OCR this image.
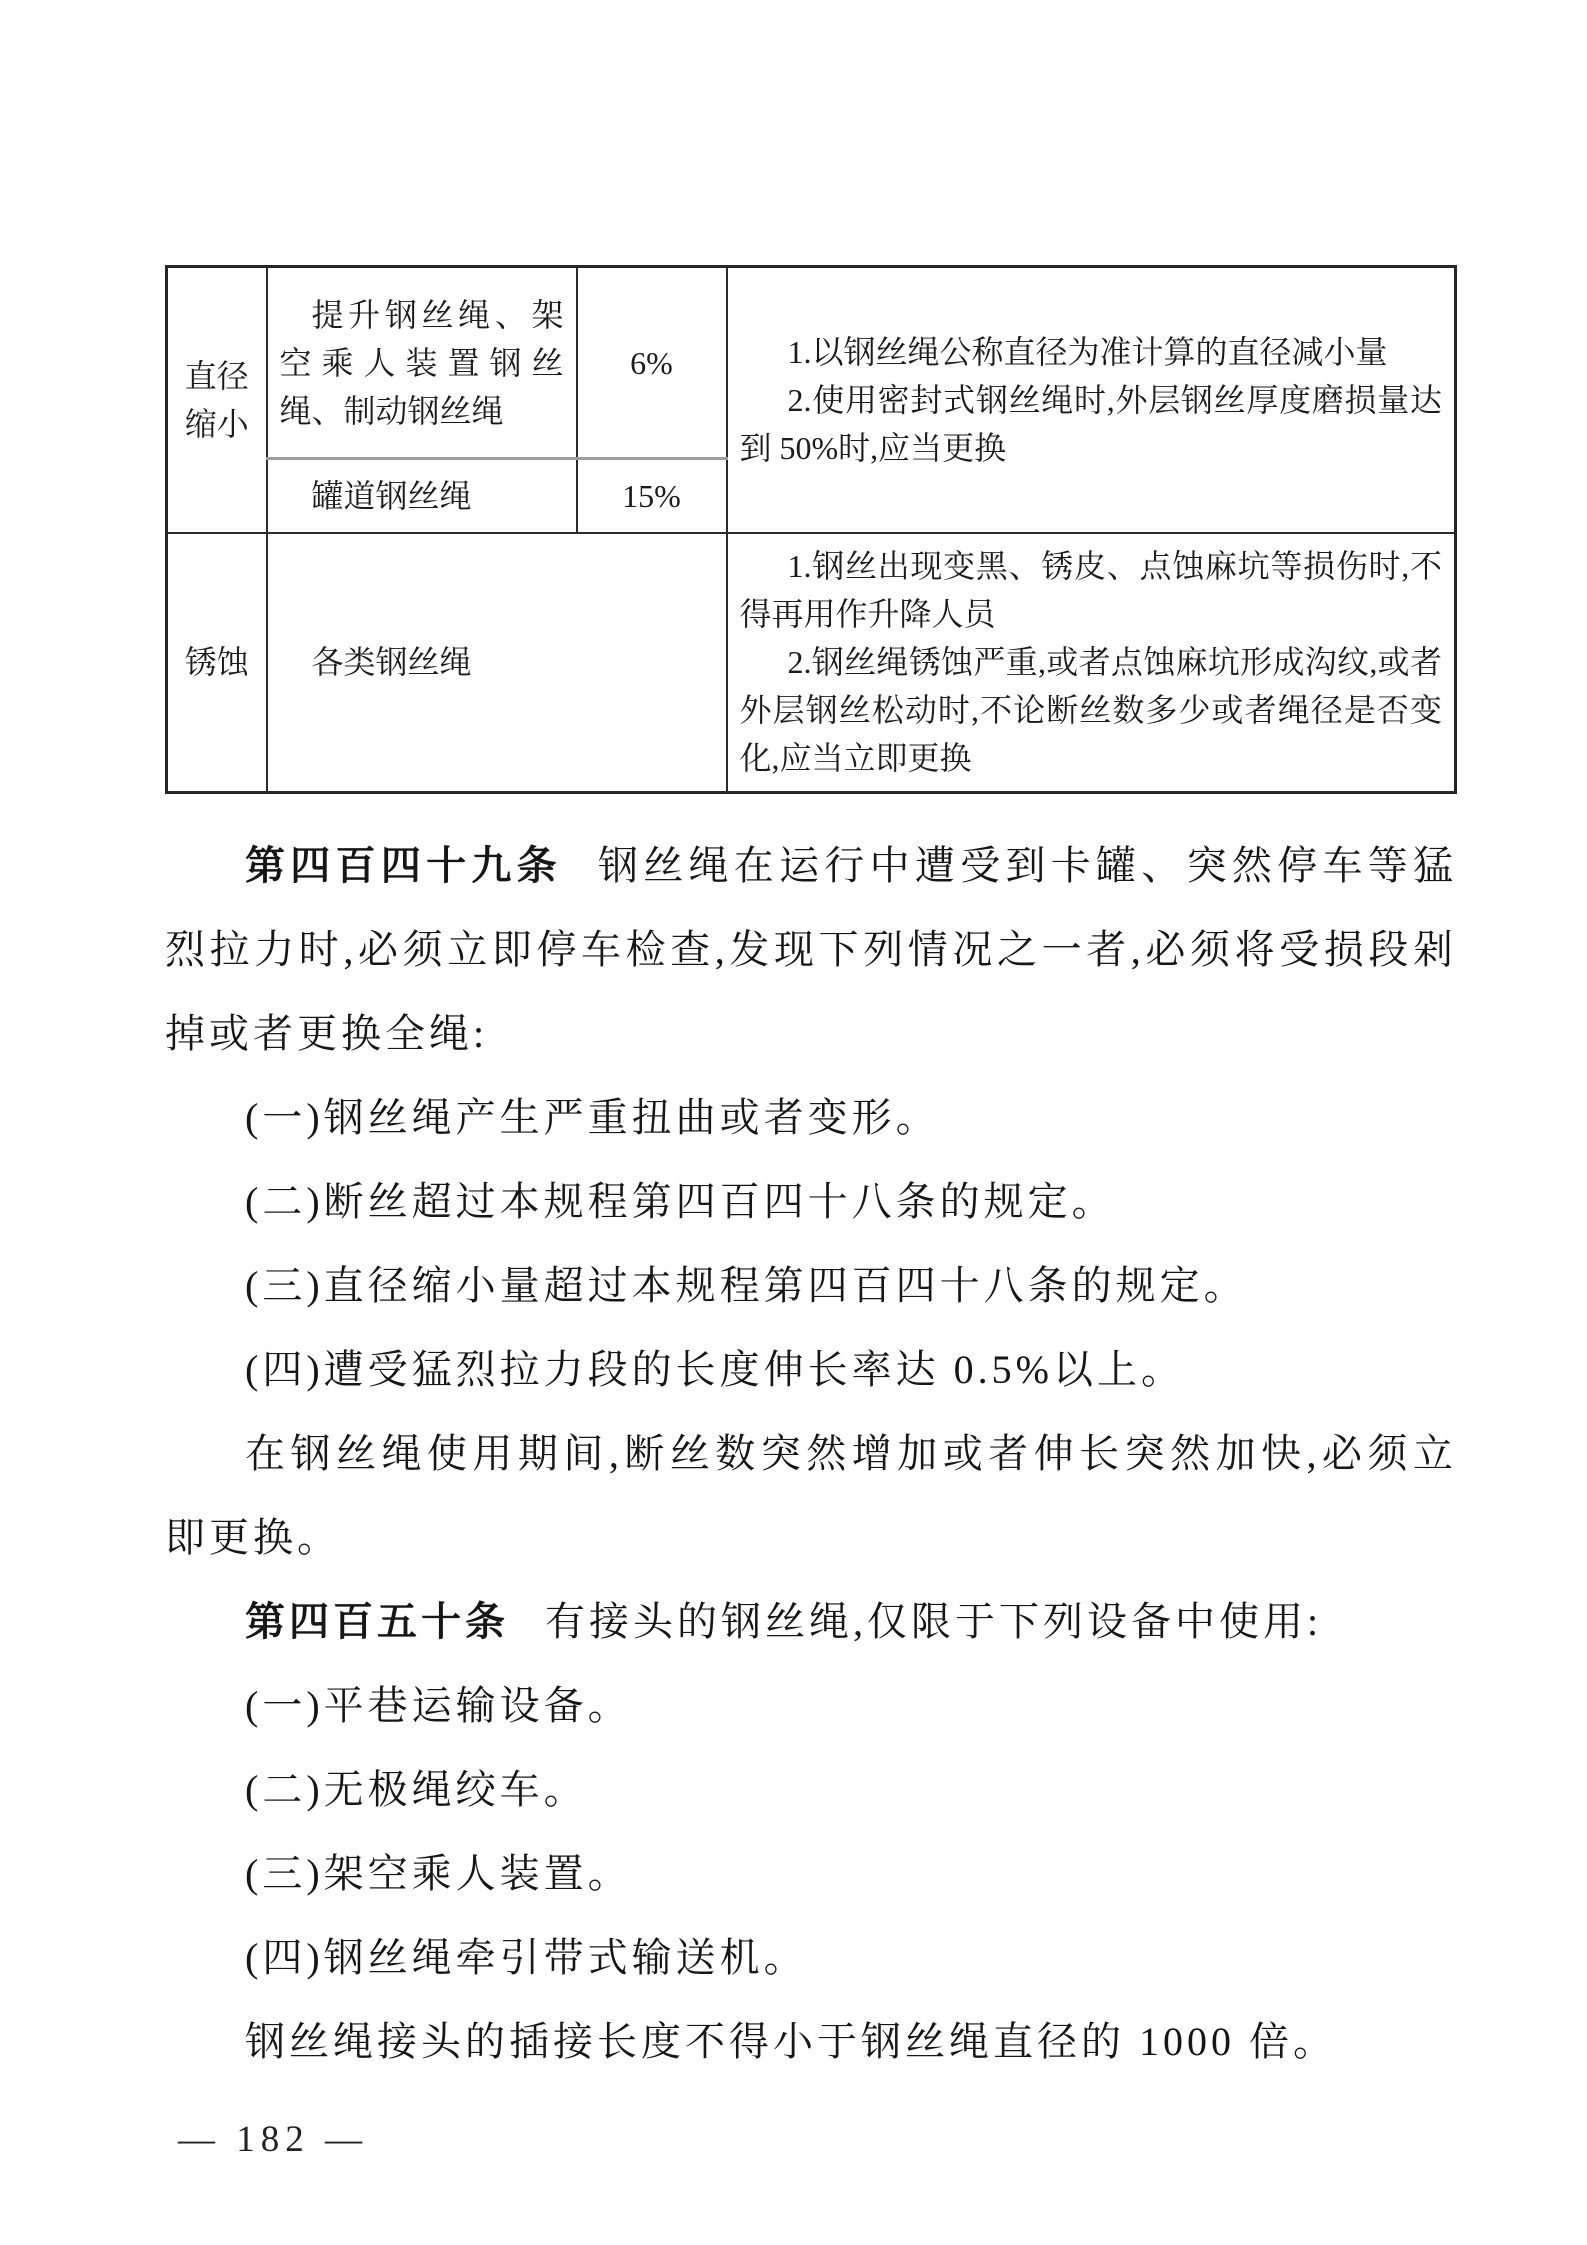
直径缩小	提升钢丝绳、架空乘人装置钢丝绳、制动钢丝绳	6%	1.以钢丝绳公称直径为准计算的直径减小量

2.使用密封式钢丝绳时,外层钢丝厚度磨损量达到 50%时,应当更换

	罐道钢丝绳	15%	
锈蚀	各类钢丝绳		1.钢丝出现变黑、锈皮、点蚀麻坑等损伤时,不得再用作升降人员

2.钢丝绳锈蚀严重,或者点蚀麻坑形成沟纹,或者外层钢丝松动时,不论断丝数多少或者绳径是否变化,应当立即更换

第四百四十九条 钢丝绳在运行中遭受到卡罐、突然停车等猛烈拉力时,必须立即停车检查,发现下列情况之一者,必须将受损段剁掉或者更换全绳:

(一)钢丝绳产生严重扭曲或者变形。

(二)断丝超过本规程第四百四十八条的规定。

(三)直径缩小量超过本规程第四百四十八条的规定。

(四)遭受猛烈拉力段的长度伸长率达 0.5%以上。

在钢丝绳使用期间,断丝数突然增加或者伸长突然加快,必须立即更换。

第四百五十条 有接头的钢丝绳,仅限于下列设备中使用:

(一)平巷运输设备。

(二)无极绳绞车。

(三)架空乘人装置。

(四)钢丝绳牵引带式输送机。

钢丝绳接头的插接长度不得小于钢丝绳直径的 1000 倍。

— 182 —
